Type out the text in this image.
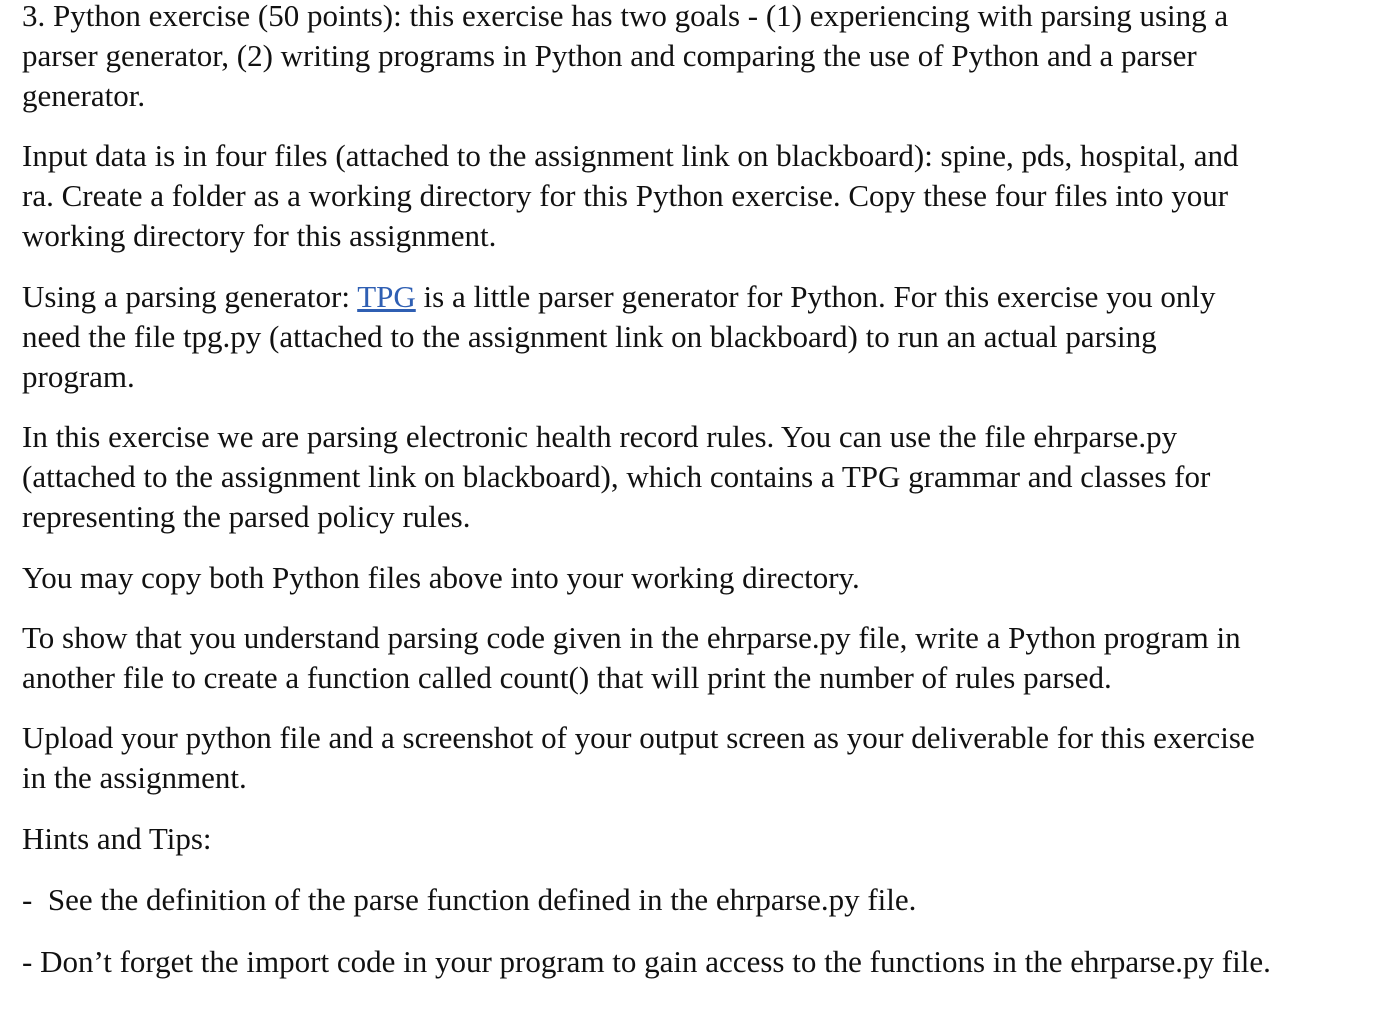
3. Python exercise (50 points): this exercise has two goals - (1) experiencing with parsing using a parser generator, (2) writing programs in Python and comparing the use of Python and a parser generator.

Input data is in four files (attached to the assignment link on blackboard): spine, pds, hospital, and ra. Create a folder as a working directory for this Python exercise. Copy these four files into your working directory for this assignment.

Using a parsing generator: TPG is a little parser generator for Python. For this exercise you only need the file tpg.py (attached to the assignment link on blackboard) to run an actual parsing program.

In this exercise we are parsing electronic health record rules. You can use the file ehrparse.py (attached to the assignment link on blackboard), which contains a TPG grammar and classes for representing the parsed policy rules.

You may copy both Python files above into your working directory.

To show that you understand parsing code given in the ehrparse.py file, write a Python program in another file to create a function called count() that will print the number of rules parsed.

Upload your python file and a screenshot of your output screen as your deliverable for this exercise in the assignment.

Hints and Tips:

-  See the definition of the parse function defined in the ehrparse.py file.

- Don’t forget the import code in your program to gain access to the functions in the ehrparse.py file.
